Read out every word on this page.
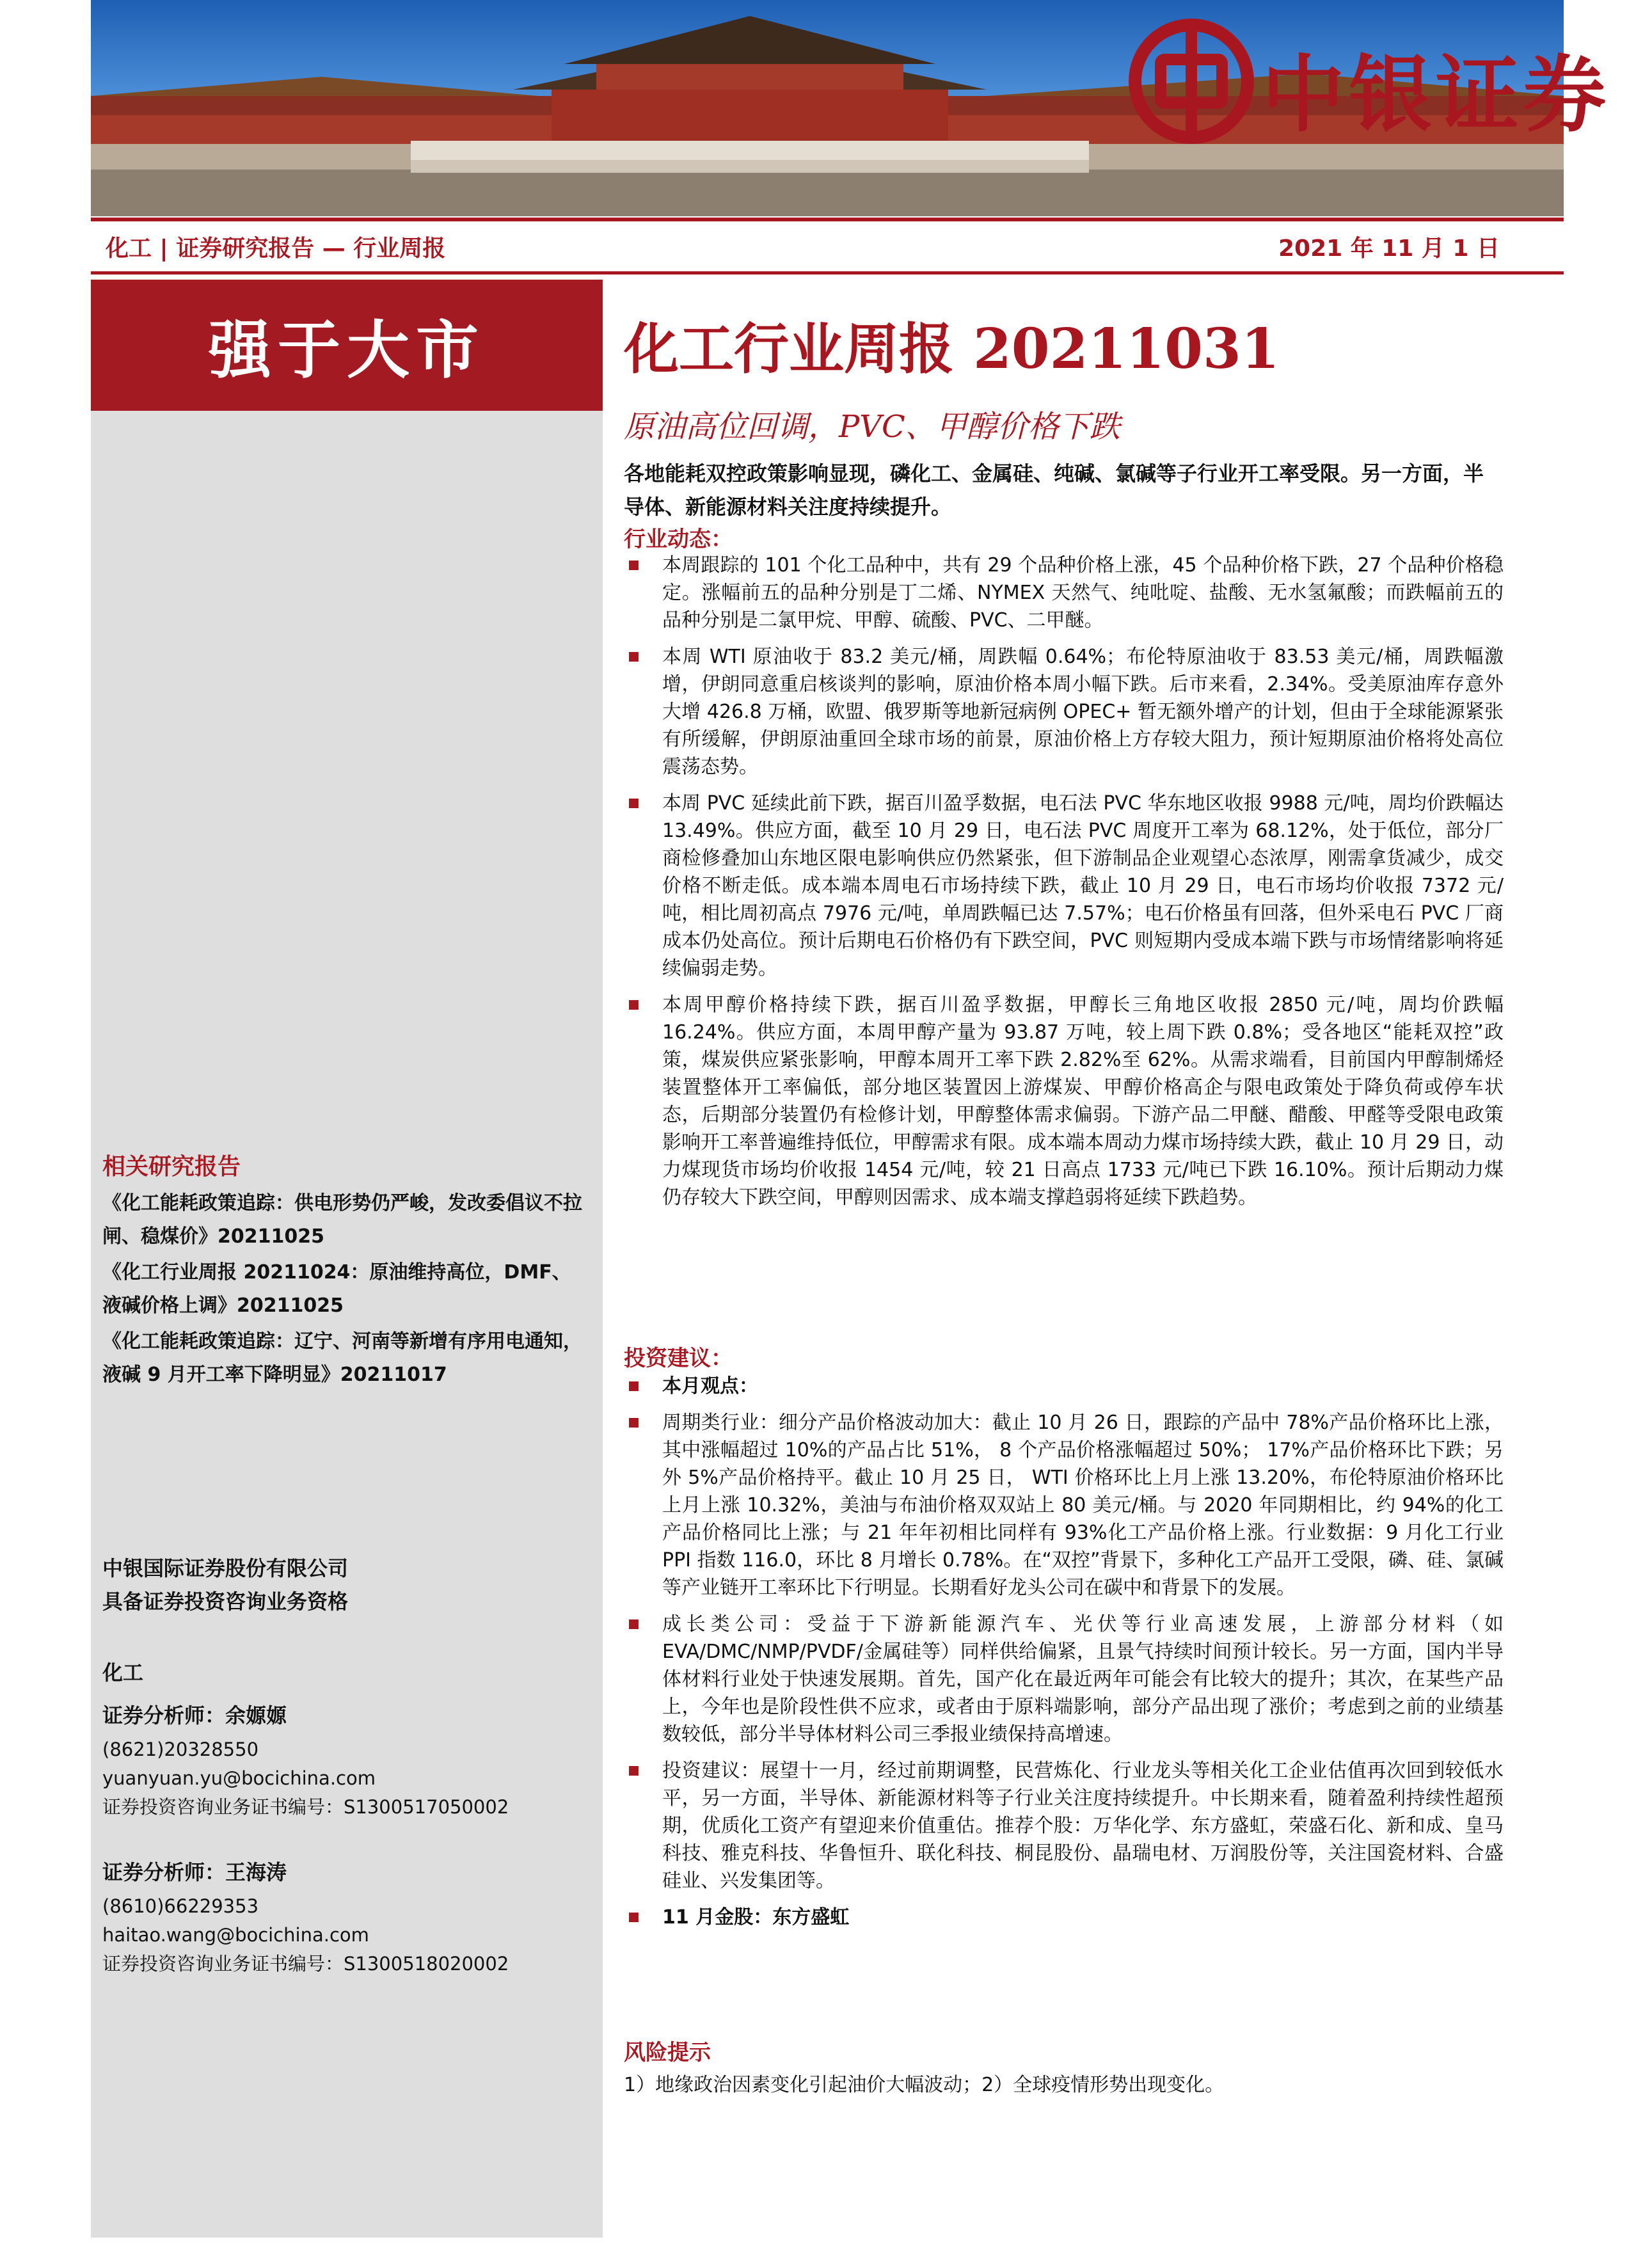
中银证券
化工 | 证券研究报告 — 行业周报	2021 年 11 月 1 日
强于大市
相关研究报告
《化工能耗政策追踪：供电形势仍严峻，发改委倡议不拉闸、稳煤价》20211025
《化工行业周报 20211024：原油维持高位，DMF、液碱价格上调》20211025
《化工能耗政策追踪：辽宁、河南等新增有序用电通知，液碱 9 月开工率下降明显》20211017
中银国际证券股份有限公司
具备证券投资咨询业务资格
化工
证券分析师：余嫄嫄
(8621)20328550
yuanyuan.yu@bocichina.com
证券投资咨询业务证书编号：S1300517050002
证券分析师：王海涛
(8610)66229353
haitao.wang@bocichina.com
证券投资咨询业务证书编号：S1300518020002
化工行业周报 20211031
原油高位回调，PVC、甲醇价格下跌
各地能耗双控政策影响显现，磷化工、金属硅、纯碱、氯碱等子行业开工率受限。另一方面，半导体、新能源材料关注度持续提升。
行业动态：
本周跟踪的 101 个化工品种中，共有 29 个品种价格上涨，45 个品种价格下跌，27 个品种价格稳定。涨幅前五的品种分别是丁二烯、NYMEX 天然气、纯吡啶、盐酸、无水氢氟酸；而跌幅前五的品种分别是二氯甲烷、甲醇、硫酸、PVC、二甲醚。
本周 WTI 原油收于 83.2 美元/桶，周跌幅 0.64%；布伦特原油收于 83.53 美元/桶，周跌幅激增，伊朗同意重启核谈判的影响，原油价格本周小幅下跌。后市来看，2.34%。受美原油库存意外大增 426.8 万桶，欧盟、俄罗斯等地新冠病例 OPEC+ 暂无额外增产的计划，但由于全球能源紧张有所缓解，伊朗原油重回全球市场的前景，原油价格上方存较大阻力，预计短期原油价格将处高位震荡态势。
本周 PVC 延续此前下跌，据百川盈孚数据，电石法 PVC 华东地区收报 9988 元/吨，周均价跌幅达 13.49%。供应方面，截至 10 月 29 日，电石法 PVC 周度开工率为 68.12%，处于低位，部分厂商检修叠加山东地区限电影响供应仍然紧张，但下游制品企业观望心态浓厚，刚需拿货减少，成交价格不断走低。成本端本周电石市场持续下跌，截止 10 月 29 日，电石市场均价收报 7372 元/吨，相比周初高点 7976 元/吨，单周跌幅已达 7.57%；电石价格虽有回落，但外采电石 PVC 厂商成本仍处高位。预计后期电石价格仍有下跌空间，PVC 则短期内受成本端下跌与市场情绪影响将延续偏弱走势。
本周甲醇价格持续下跌，据百川盈孚数据，甲醇长三角地区收报 2850 元/吨，周均价跌幅 16.24%。供应方面，本周甲醇产量为 93.87 万吨，较上周下跌 0.8%；受各地区“能耗双控”政策，煤炭供应紧张影响，甲醇本周开工率下跌 2.82%至 62%。从需求端看，目前国内甲醇制烯烃装置整体开工率偏低，部分地区装置因上游煤炭、甲醇价格高企与限电政策处于降负荷或停车状态，后期部分装置仍有检修计划，甲醇整体需求偏弱。下游产品二甲醚、醋酸、甲醛等受限电政策影响开工率普遍维持低位，甲醇需求有限。成本端本周动力煤市场持续大跌，截止 10 月 29 日，动力煤现货市场均价收报 1454 元/吨，较 21 日高点 1733 元/吨已下跌 16.10%。预计后期动力煤仍存较大下跌空间，甲醇则因需求、成本端支撑趋弱将延续下跌趋势。
投资建议：
本月观点：
周期类行业：细分产品价格波动加大：截止 10 月 26 日，跟踪的产品中 78%产品价格环比上涨，其中涨幅超过 10%的产品占比 51%， 8 个产品价格涨幅超过 50%； 17%产品价格环比下跌；另外 5%产品价格持平。截止 10 月 25 日， WTI 价格环比上月上涨 13.20%，布伦特原油价格环比上月上涨 10.32%，美油与布油价格双双站上 80 美元/桶。与 2020 年同期相比，约 94%的化工产品价格同比上涨；与 21 年年初相比同样有 93%化工产品价格上涨。行业数据：9 月化工行业 PPI 指数 116.0，环比 8 月增长 0.78%。在“双控”背景下，多种化工产品开工受限，磷、硅、氯碱等产业链开工率环比下行明显。长期看好龙头公司在碳中和背景下的发展。
成长类公司：受益于下游新能源汽车、光伏等行业高速发展，上游部分材料（如 EVA/DMC/NMP/PVDF/金属硅等）同样供给偏紧，且景气持续时间预计较长。另一方面，国内半导体材料行业处于快速发展期。首先，国产化在最近两年可能会有比较大的提升；其次，在某些产品上，今年也是阶段性供不应求，或者由于原料端影响，部分产品出现了涨价；考虑到之前的业绩基数较低，部分半导体材料公司三季报业绩保持高增速。
投资建议：展望十一月，经过前期调整，民营炼化、行业龙头等相关化工企业估值再次回到较低水平，另一方面，半导体、新能源材料等子行业关注度持续提升。中长期来看，随着盈利持续性超预期，优质化工资产有望迎来价值重估。推荐个股：万华化学、东方盛虹，荣盛石化、新和成、皇马科技、雅克科技、华鲁恒升、联化科技、桐昆股份、晶瑞电材、万润股份等，关注国瓷材料、合盛硅业、兴发集团等。
11 月金股：东方盛虹
风险提示
1）地缘政治因素变化引起油价大幅波动；2）全球疫情形势出现变化。
